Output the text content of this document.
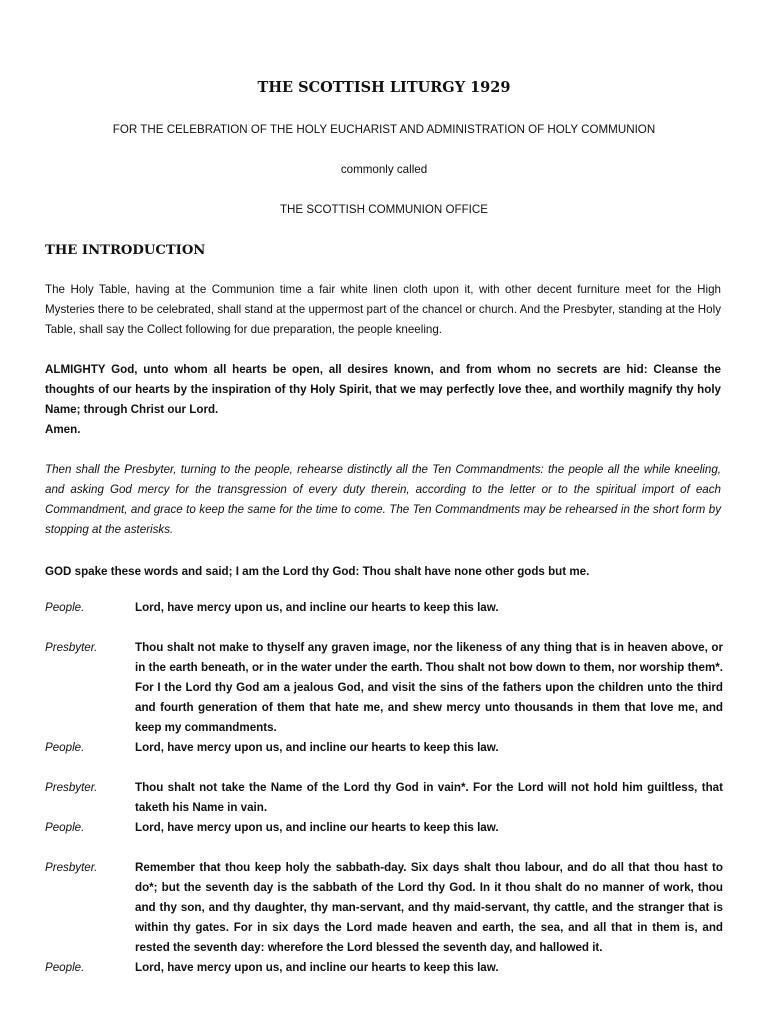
THE SCOTTISH LITURGY 1929
FOR THE CELEBRATION OF THE HOLY EUCHARIST AND ADMINISTRATION OF HOLY COMMUNION
commonly called
THE SCOTTISH COMMUNION OFFICE
THE INTRODUCTION

The Holy Table, having at the Communion time a fair white linen cloth upon it, with other decent furniture meet for the High Mysteries there to be celebrated, shall stand at the uppermost part of the chancel or church. And the Presbyter, standing at the Holy Table, shall say the Collect following for due preparation, the people kneeling.

ALMIGHTY God, unto whom all hearts be open, all desires known, and from whom no secrets are hid: Cleanse the thoughts of our hearts by the inspiration of thy Holy Spirit, that we may perfectly love thee, and worthily magnify thy holy Name; through Christ our Lord.

Amen.

Then shall the Presbyter, turning to the people, rehearse distinctly all the Ten Commandments: the people all the while kneeling, and asking God mercy for the transgression of every duty therein, according to the letter or to the spiritual import of each Commandment, and grace to keep the same for the time to come. The Ten Commandments may be rehearsed in the short form by stopping at the asterisks.

GOD spake these words and said; I am the Lord thy God: Thou shalt have none other gods but me.

People.	Lord, have mercy upon us, and incline our hearts to keep this law.
Presbyter.	Thou shalt not make to thyself any graven image, nor the likeness of any thing that is in heaven above, or in the earth beneath, or in the water under the earth. Thou shalt not bow down to them, nor worship them*. For I the Lord thy God am a jealous God, and visit the sins of the fathers upon the children unto the third and fourth generation of them that hate me, and shew mercy unto thousands in them that love me, and keep my commandments.
People.	Lord, have mercy upon us, and incline our hearts to keep this law.
Presbyter.	Thou shalt not take the Name of the Lord thy God in vain*. For the Lord will not hold him guiltless, that taketh his Name in vain.
People.	Lord, have mercy upon us, and incline our hearts to keep this law.
Presbyter.	Remember that thou keep holy the sabbath-day. Six days shalt thou labour, and do all that thou hast to do*; but the seventh day is the sabbath of the Lord thy God. In it thou shalt do no manner of work, thou and thy son, and thy daughter, thy man-servant, and thy maid-servant, thy cattle, and the stranger that is within thy gates. For in six days the Lord made heaven and earth, the sea, and all that in them is, and rested the seventh day: wherefore the Lord blessed the seventh day, and hallowed it.
People.	Lord, have mercy upon us, and incline our hearts to keep this law.
